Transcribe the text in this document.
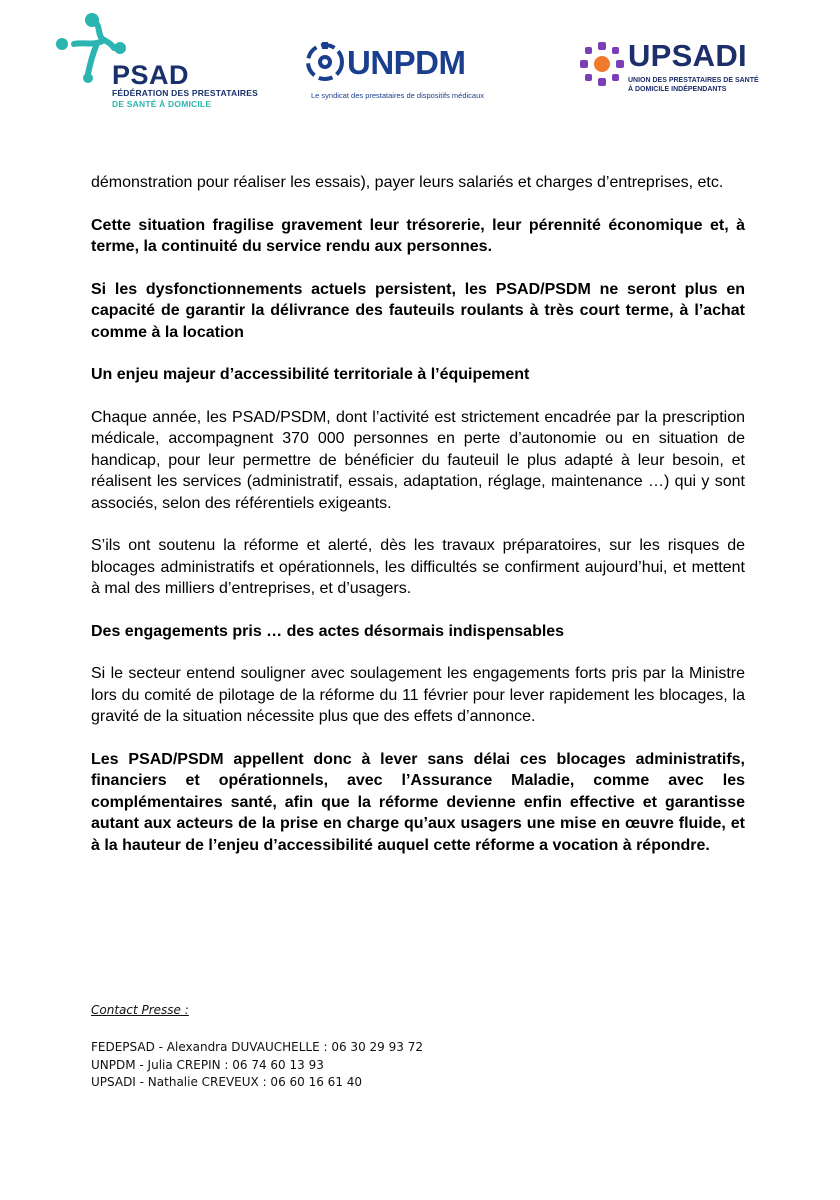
PSAD
FÉDÉRATION DES PRESTATAIRES
DE SANTÉ À DOMICILE
UNPDM
Le syndicat des prestataires de dispositifs médicaux
UPSADI
UNION DES PRESTATAIRES DE SANTÉ
À DOMICILE INDÉPENDANTS

démonstration pour réaliser les essais), payer leurs salariés et charges d’entreprises, etc.

Cette situation fragilise gravement leur trésorerie, leur pérennité économique et, à terme, la continuité du service rendu aux personnes.

Si les dysfonctionnements actuels persistent, les PSAD/PSDM ne seront plus en capacité de garantir la délivrance des fauteuils roulants à très court terme, à l’achat comme à la location

Un enjeu majeur d’accessibilité territoriale à l’équipement

Chaque année, les PSAD/PSDM, dont l’activité est strictement encadrée par la prescription médicale, accompagnent 370 000 personnes en perte d’autonomie ou en situation de handicap, pour leur permettre de bénéficier du fauteuil le plus adapté à leur besoin, et réalisent les services (administratif, essais, adaptation, réglage, maintenance …) qui y sont associés, selon des référentiels exigeants.

S’ils ont soutenu la réforme et alerté, dès les travaux préparatoires, sur les risques de blocages administratifs et opérationnels, les difficultés se confirment aujourd’hui, et mettent à mal des milliers d’entreprises, et d’usagers.

Des engagements pris … des actes désormais indispensables

Si le secteur entend souligner avec soulagement les engagements forts pris par la Ministre lors du comité de pilotage de la réforme du 11 février pour lever rapidement les blocages, la gravité de la situation nécessite plus que des effets d’annonce.

Les PSAD/PSDM appellent donc à lever sans délai ces blocages administratifs, financiers et opérationnels, avec l’Assurance Maladie, comme avec les complémentaires santé, afin que la réforme devienne enfin effective et garantisse autant aux acteurs de la prise en charge qu’aux usagers une mise en œuvre fluide, et à la hauteur de l’enjeu d’accessibilité auquel cette réforme a vocation à répondre.

Contact Presse :
FEDEPSAD - Alexandra DUVAUCHELLE : 06 30 29 93 72
UNPDM - Julia CREPIN : 06 74 60 13 93
UPSADI - Nathalie CREVEUX : 06 60 16 61 40
